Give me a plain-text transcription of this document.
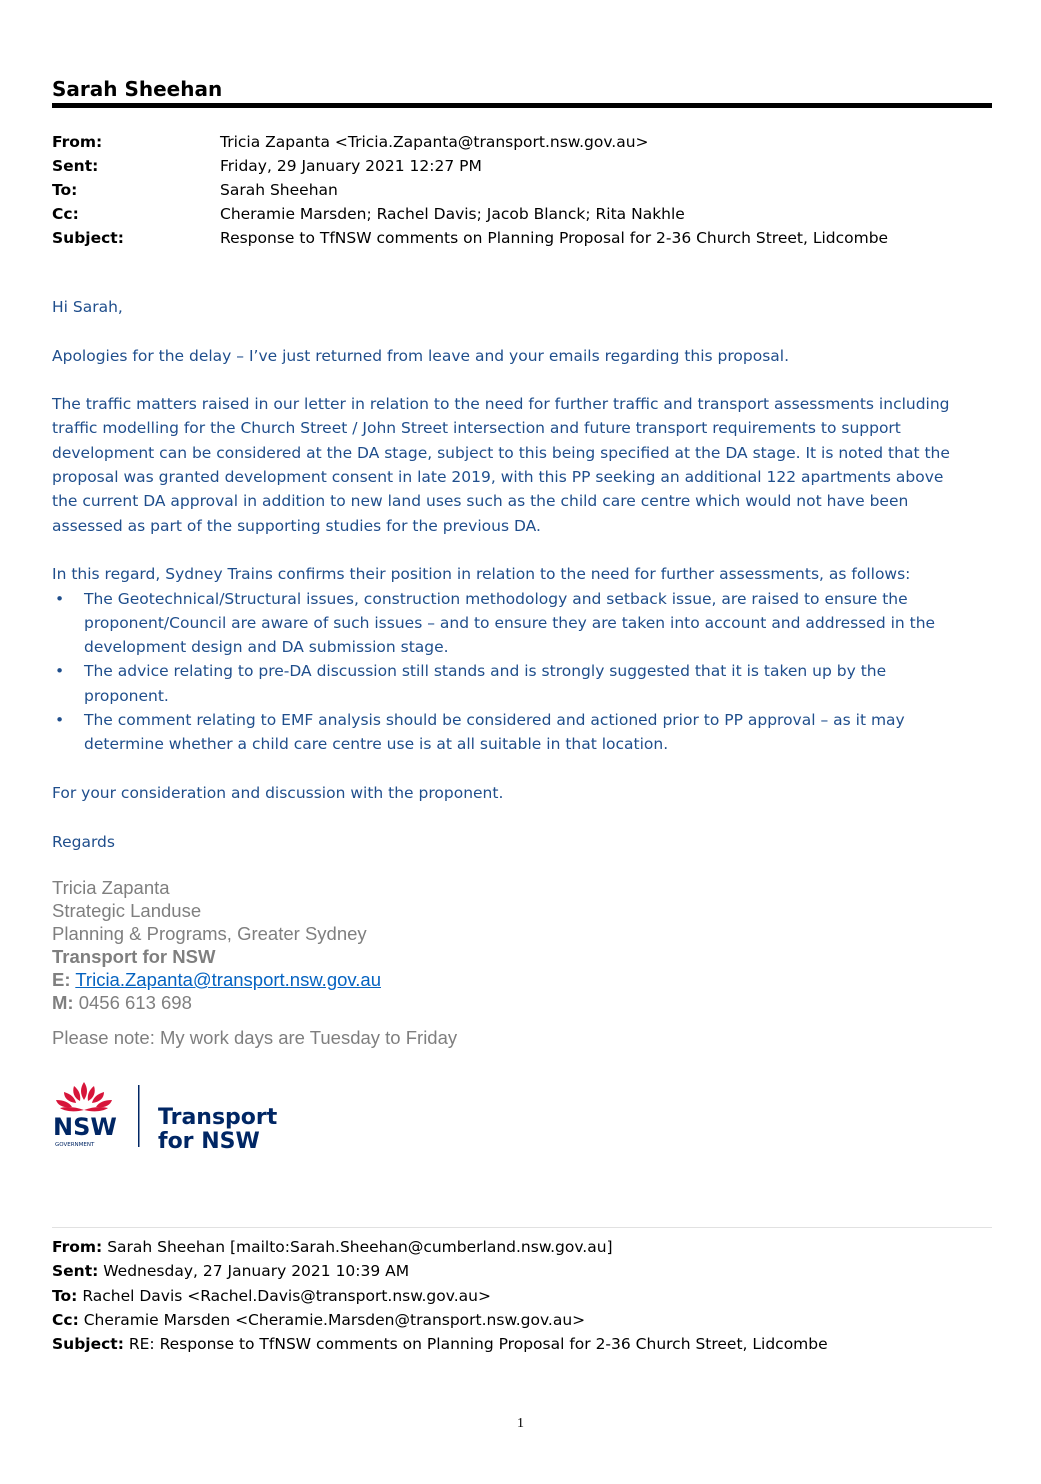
Sarah Sheehan
From:	Tricia Zapanta <Tricia.Zapanta@transport.nsw.gov.au>
Sent:	Friday, 29 January 2021 12:27 PM
To:	Sarah Sheehan
Cc:	Cheramie Marsden; Rachel Davis; Jacob Blanck; Rita Nakhle
Subject:	Response to TfNSW comments on Planning Proposal for 2-36 Church Street, Lidcombe

Hi Sarah,

Apologies for the delay – I’ve just returned from leave and your emails regarding this proposal.

The traffic matters raised in our letter in relation to the need for further traffic and transport assessments including

traffic modelling for the Church Street / John Street intersection and future transport requirements to support

development can be considered at the DA stage, subject to this being specified at the DA stage. It is noted that the

proposal was granted development consent in late 2019, with this PP seeking an additional 122 apartments above

the current DA approval in addition to new land uses such as the child care centre which would not have been

assessed as part of the supporting studies for the previous DA.

In this regard, Sydney Trains confirms their position in relation to the need for further assessments, as follows:

• The Geotechnical/Structural issues, construction methodology and setback issue, are raised to ensure the
proponent/Council are aware of such issues – and to ensure they are taken into account and addressed in the
development design and DA submission stage.
• The advice relating to pre-DA discussion still stands and is strongly suggested that it is taken up by the
proponent.
• The comment relating to EMF analysis should be considered and actioned prior to PP approval – as it may
determine whether a child care centre use is at all suitable in that location.

For your consideration and discussion with the proponent.

Regards

Tricia Zapanta
Strategic Landuse
Planning & Programs, Greater Sydney
Transport for NSW
E: Tricia.Zapanta@transport.nsw.gov.au
M: 0456 613 698
Please note: My work days are Tuesday to Friday
NSW
GOVERNMENT
Transport
for NSW
From: Sarah Sheehan [mailto:Sarah.Sheehan@cumberland.nsw.gov.au]
Sent: Wednesday, 27 January 2021 10:39 AM
To: Rachel Davis <Rachel.Davis@transport.nsw.gov.au>
Cc: Cheramie Marsden <Cheramie.Marsden@transport.nsw.gov.au>
Subject: RE: Response to TfNSW comments on Planning Proposal for 2-36 Church Street, Lidcombe
1
